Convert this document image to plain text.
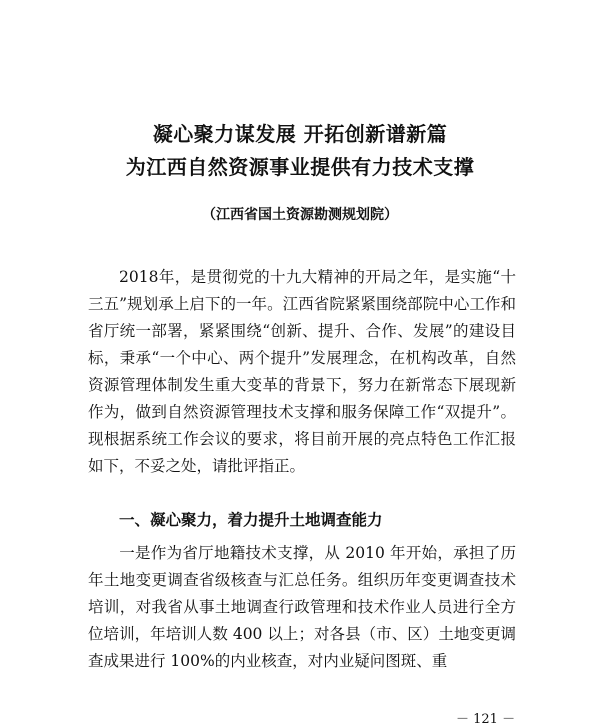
凝心聚力谋发展 开拓创新谱新篇
为江西自然资源事业提供有力技术支撑
（江西省国土资源勘测规划院）
2018年，是贯彻党的十九大精神的开局之年，是实施“十三五”规划承上启下的一年。江西省院紧紧围绕部院中心工作和省厅统一部署，紧紧围绕“创新、提升、合作、发展”的建设目标，秉承“一个中心、两个提升”发展理念，在机构改革，自然资源管理体制发生重大变革的背景下，努力在新常态下展现新作为，做到自然资源管理技术支撑和服务保障工作“双提升”。现根据系统工作会议的要求，将目前开展的亮点特色工作汇报如下，不妥之处，请批评指正。
一、凝心聚力，着力提升土地调查能力
一是作为省厅地籍技术支撑，从 2010 年开始，承担了历年土地变更调查省级核查与汇总任务。组织历年变更调查技术培训，对我省从事土地调查行政管理和技术作业人员进行全方位培训，年培训人数 400 以上；对各县（市、区）土地变更调查成果进行 100%的内业核查，对内业疑问图斑、重
－ 121 －
